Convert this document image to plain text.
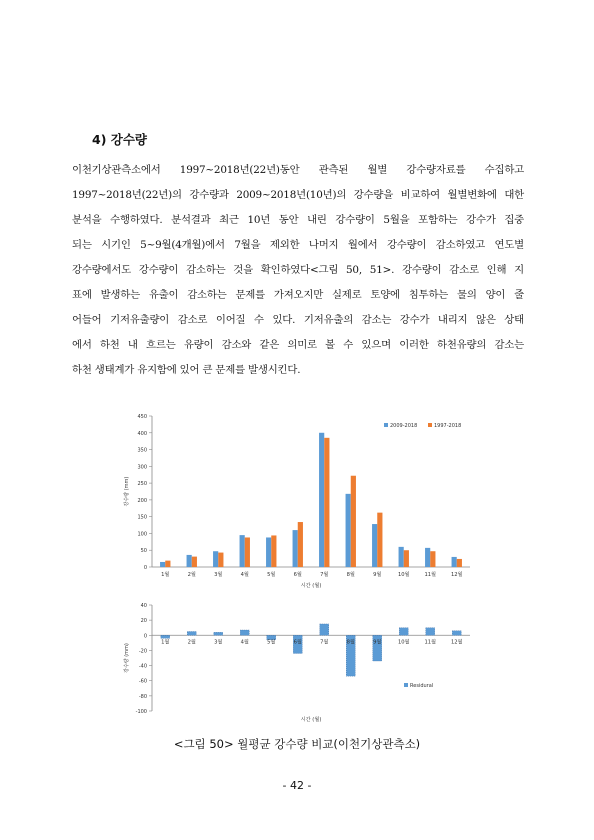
4) 강수량

이천기상관측소에서 1997~2018년(22년)동안 관측된 월별 강수량자료를 수집하고
1997~2018년(22년)의 강수량과 2009~2018년(10년)의 강수량을 비교하여 월별변화에 대한
분석을 수행하였다. 분석결과 최근 10년 동안 내린 강수량이 5월을 포함하는 강수가 집중
되는 시기인 5~9월(4개월)에서 7월을 제외한 나머지 월에서 강수량이 감소하였고 연도별
강수량에서도 강수량이 감소하는 것을 확인하였다<그림 50, 51>. 강수량이 감소로 인해 지
표에 발생하는 유출이 감소하는 문제를 가져오지만 실제로 토양에 침투하는 물의 양이 줄
어들어 기저유출량이 감소로 이어질 수 있다. 기저유출의 감소는 강수가 내리지 않은 상태
에서 하천 내 흐르는 유량이 감소와 같은 의미로 볼 수 있으며 이러한 하천유량의 감소는
하천 생태계가 유지함에 있어 큰 문제를 발생시킨다.

0
50
100
150
200
250
300
350
400
450
1월	2월	3월	4월	5월	6월	7월	8월	9월	10월	11월	12월
강수량 (mm)
시간 (월)
2009-2018	1997-2018
40
20
0
-20
-40
-60
-80
-100
1월	2월	3월	4월	5월	6월	7월	8월	9월	10월	11월	12월
강수량 (mm)
시간 (월)
Residural

<그림 50> 월평균 강수량 비교(이천기상관측소)

- 42 -
